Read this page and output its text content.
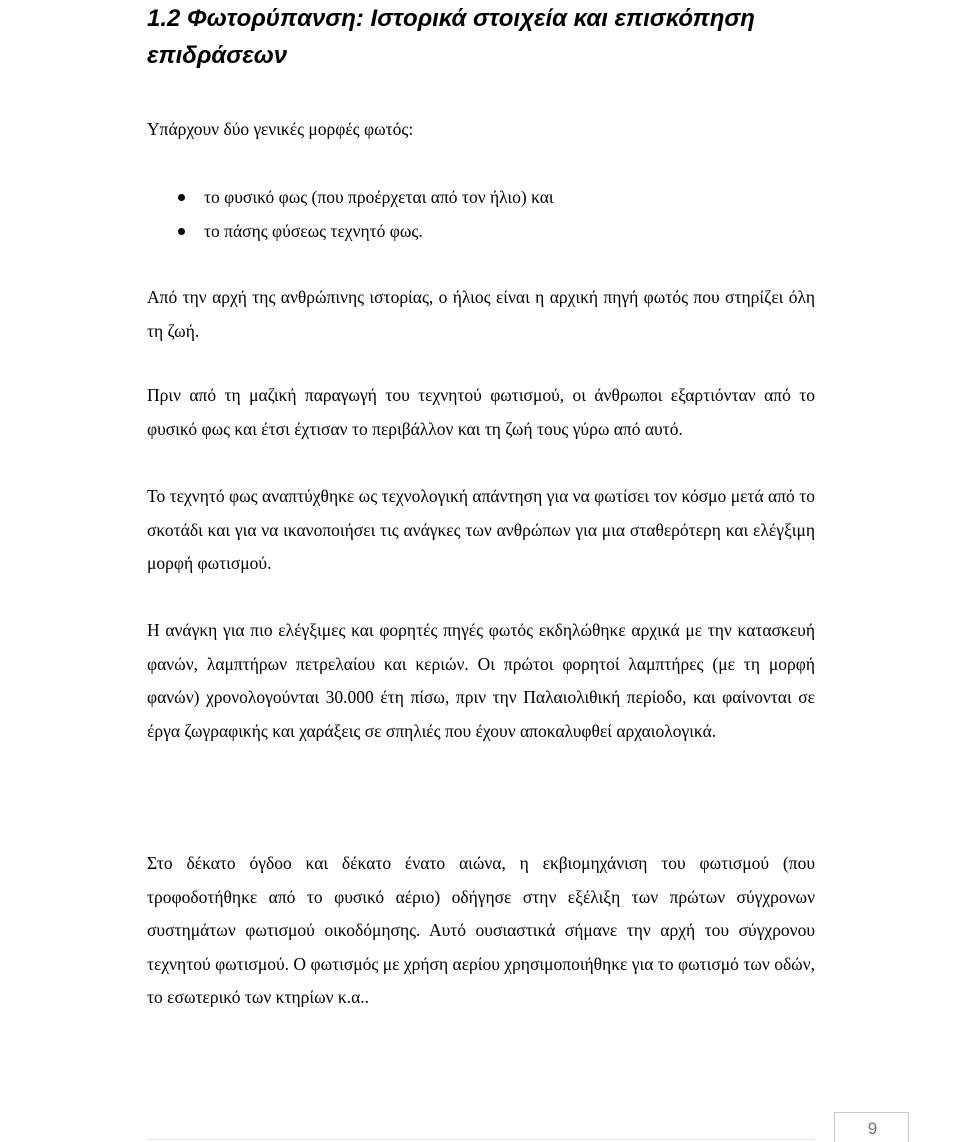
1.2 Φωτορύπανση: Ιστορικά στοιχεία και επισκόπηση
επιδράσεων

Υπάρχουν δύο γενικές μορφές φωτός:

το φυσικό φως (που προέρχεται από τον ήλιο) και
το πάσης φύσεως τεχνητό φως.

Από την αρχή της ανθρώπινης ιστορίας, ο ήλιος είναι η αρχική πηγή φωτός που στηρίζει όλη τη ζωή.

Πριν από τη μαζική παραγωγή του τεχνητού φωτισμού, οι άνθρωποι εξαρτιόνταν από το φυσικό φως και έτσι έχτισαν το περιβάλλον και τη ζωή τους γύρω από αυτό.

Το τεχνητό φως αναπτύχθηκε ως τεχνολογική απάντηση για να φωτίσει τον κόσμο μετά από το σκοτάδι και για να ικανοποιήσει τις ανάγκες των ανθρώπων για μια σταθερότερη και ελέγξιμη μορφή φωτισμού.

Η ανάγκη για πιο ελέγξιμες και φορητές πηγές φωτός εκδηλώθηκε αρχικά με την κατασκευή φανών, λαμπτήρων πετρελαίου και κεριών. Οι πρώτοι φορητοί λαμπτήρες (με τη μορφή φανών) χρονολογούνται 30.000 έτη πίσω, πριν την Παλαιολιθική περίοδο, και φαίνονται σε έργα ζωγραφικής και χαράξεις σε σπηλιές που έχουν αποκαλυφθεί αρχαιολογικά.

Στο δέκατο όγδοο και δέκατο ένατο αιώνα, η εκβιομηχάνιση του φωτισμού (που τροφοδοτήθηκε από το φυσικό αέριο) οδήγησε στην εξέλιξη των πρώτων σύγχρονων συστημάτων φωτισμού οικοδόμησης. Αυτό ουσιαστικά σήμανε την αρχή του σύγχρονου τεχνητού φωτισμού. Ο φωτισμός με χρήση αερίου χρησιμοποιήθηκε για το φωτισμό των οδών, το εσωτερικό των κτηρίων κ.α..

9
